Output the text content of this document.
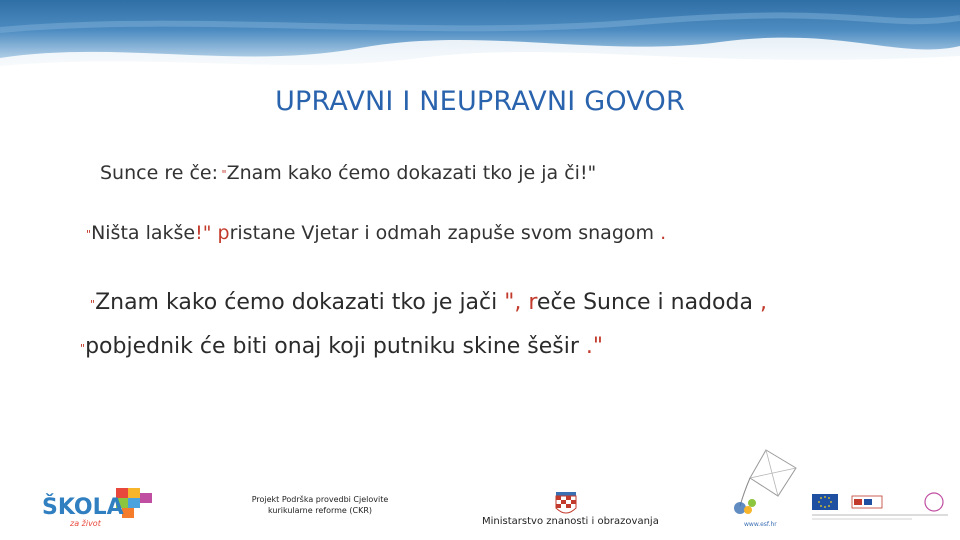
UPRAVNI I NEUPRAVNI GOVOR
Sunce re če: "Znam kako ćemo dokazati tko je ja či!"
"Ništa lakše!" pristane Vjetar i odmah zapuše svom snagom .
"Znam kako ćemo dokazati tko je jači ", reče Sunce i nadoda ,
"pobjednik će biti onaj koji putniku skine šešir ."
ŠKOLA
za život
Projekt Podrška provedbi Cjelovite
kurikularne reforme (CKR)
Ministarstvo znanosti i obrazovanja	www.esf.hr
